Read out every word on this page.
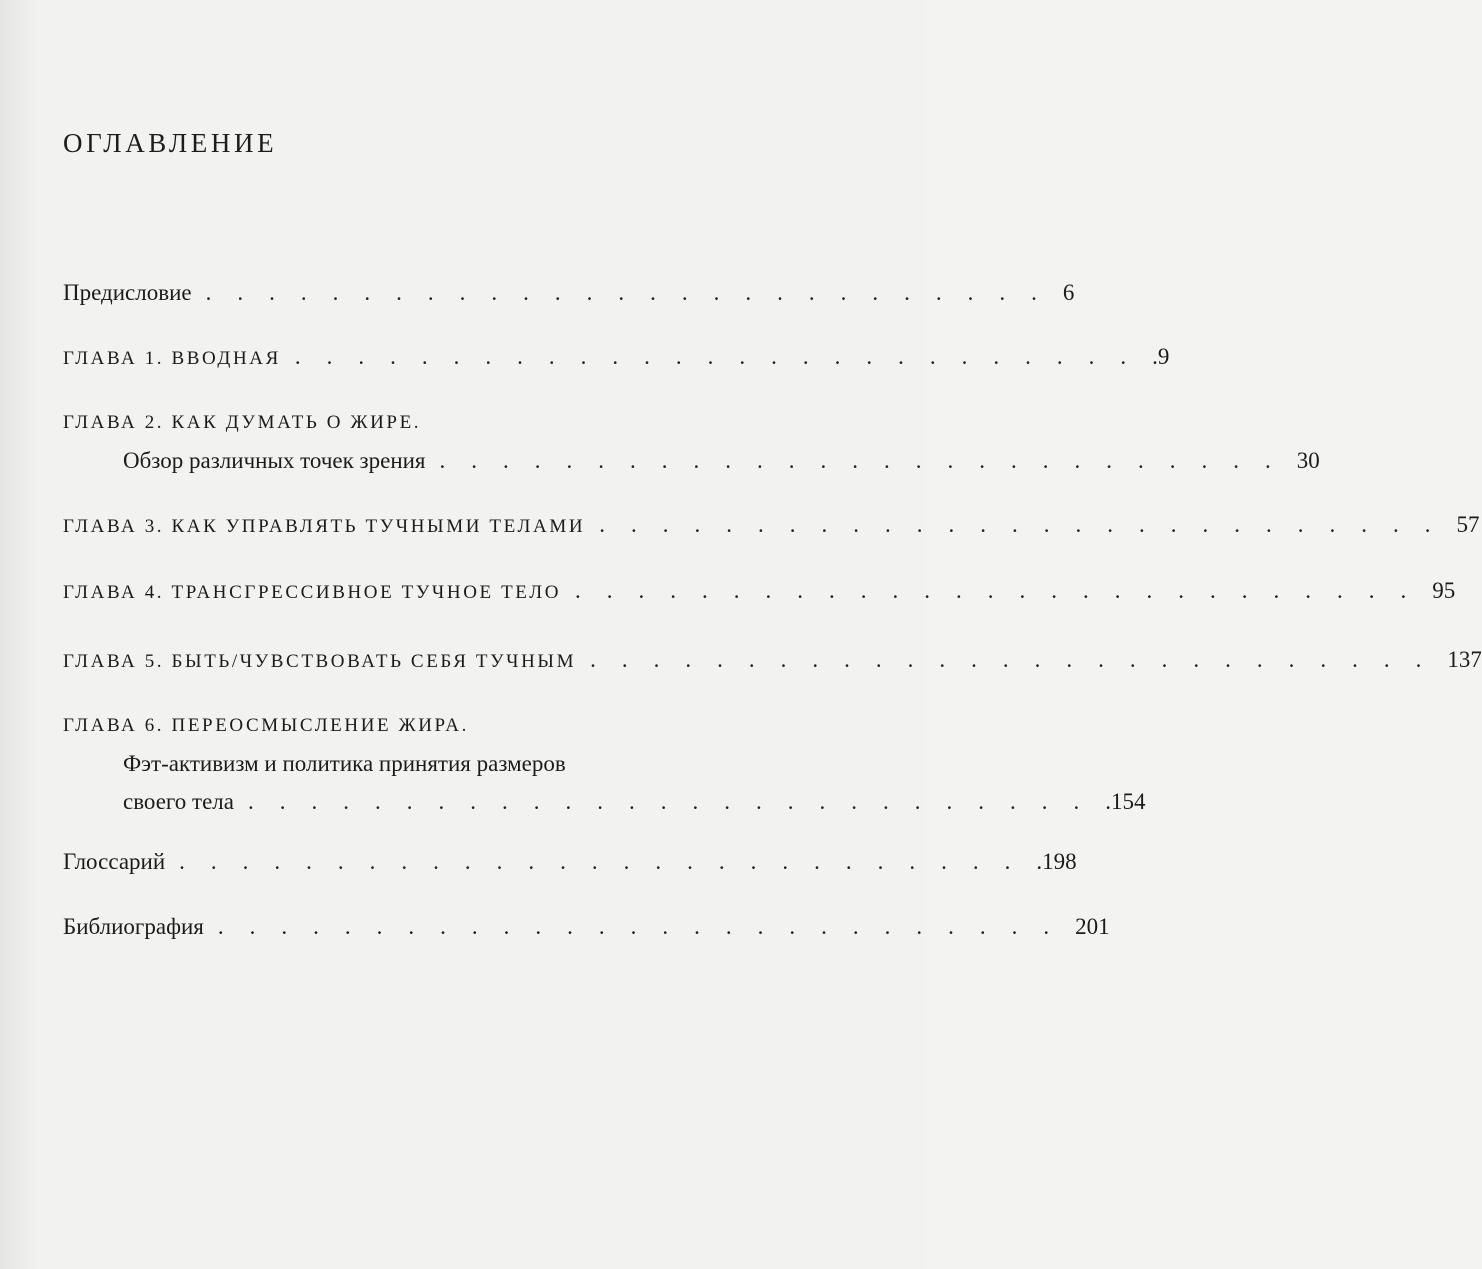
ОГЛАВЛЕНИЕ
Предисловие ........................... 6
ГЛАВА 1. ВВОДНАЯ ........................... .9
ГЛАВА 2. КАК ДУМАТЬ О ЖИРЕ.
Обзор различных точек зрения ........................... 30
ГЛАВА 3. КАК УПРАВЛЯТЬ ТУЧНЫМИ ТЕЛАМИ ........................... 57
ГЛАВА 4. ТРАНСГРЕССИВНОЕ ТУЧНОЕ ТЕЛО ........................... 95
ГЛАВА 5. БЫТЬ/ЧУВСТВОВАТЬ СЕБЯ ТУЧНЫМ ........................... 137
ГЛАВА 6. ПЕРЕОСМЫСЛЕНИЕ ЖИРА.
Фэт-активизм и политика принятия размеров
своего тела ........................... .154
Глоссарий ........................... .198
Библиография ........................... 201
